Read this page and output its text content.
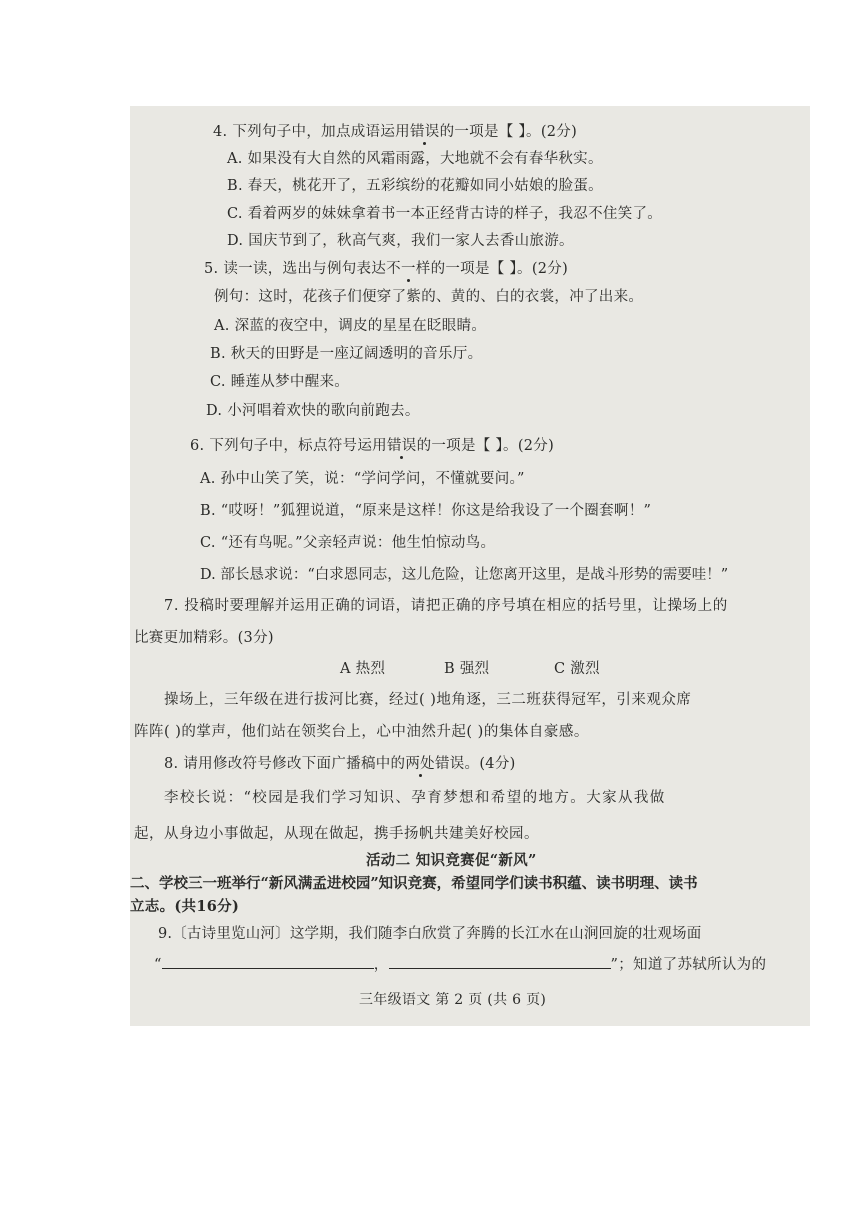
4. 下列句子中，加点成语运用错误的一项是【 】。(2分)
A. 如果没有大自然的风霜雨露，大地就不会有春华秋实。
B. 春天，桃花开了，五彩缤纷的花瓣如同小姑娘的脸蛋。
C. 看着两岁的妹妹拿着书一本正经背古诗的样子，我忍不住笑了。
D. 国庆节到了，秋高气爽，我们一家人去香山旅游。
5. 读一读，选出与例句表达不一样的一项是【 】。(2分)
例句：这时，花孩子们便穿了紫的、黄的、白的衣裳，冲了出来。
A. 深蓝的夜空中，调皮的星星在眨眼睛。
B. 秋天的田野是一座辽阔透明的音乐厅。
C. 睡莲从梦中醒来。
D. 小河唱着欢快的歌向前跑去。
6. 下列句子中，标点符号运用错误的一项是【 】。(2分)
A. 孙中山笑了笑，说：“学问学问，不懂就要问。”
B. “哎呀！”狐狸说道，“原来是这样！你这是给我设了一个圈套啊！”
C. “还有鸟呢。”父亲轻声说：他生怕惊动鸟。
D. 部长恳求说：“白求恩同志，这儿危险，让您离开这里，是战斗形势的需要哇！”
7. 投稿时要理解并运用正确的词语，请把正确的序号填在相应的括号里，让操场上的
比赛更加精彩。(3分)
A 热烈	B 强烈	C 激烈
操场上，三年级在进行拔河比赛，经过( )地角逐，三二班获得冠军，引来观众席
阵阵( )的掌声，他们站在领奖台上，心中油然升起( )的集体自豪感。
8. 请用修改符号修改下面广播稿中的两处错误。(4分)
李校长说：“校园是我们学习知识、孕育梦想和希望的地方。大家从我做
起，从身边小事做起，从现在做起，携手扬帆共建美好校园。
活动二 知识竞赛促“新风”
二、学校三一班举行“新风满孟进校园”知识竞赛，希望同学们读书积蕴、读书明理、读书
立志。(共16分)
9.〔古诗里览山河〕这学期，我们随李白欣赏了奔腾的长江水在山涧回旋的壮观场面
“	，	”；知道了苏轼所认为的
三年级语文 第 2 页 (共 6 页)
